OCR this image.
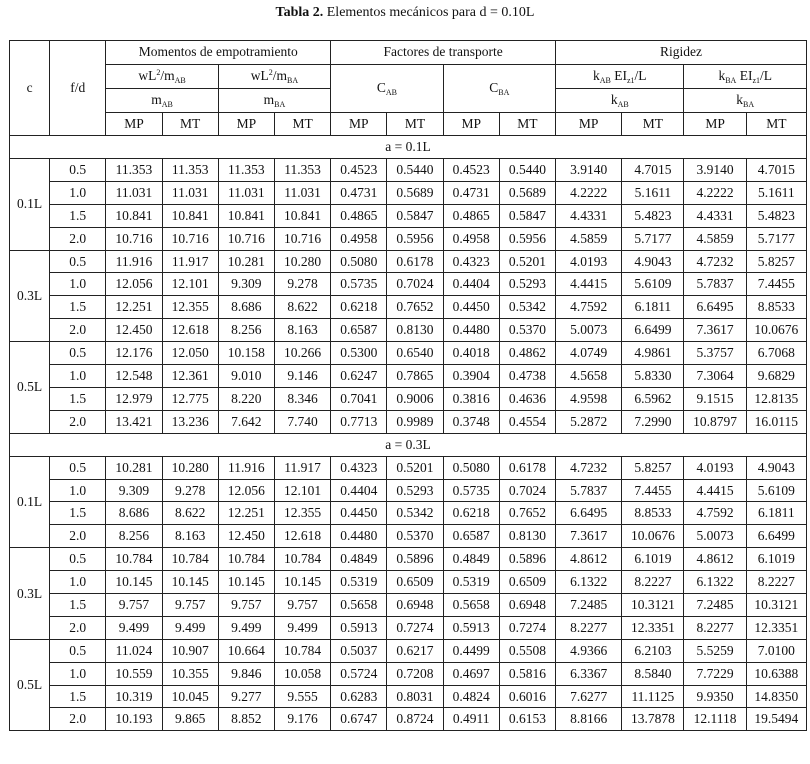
Tabla 2. Elementos mecánicos para d = 0.10L
c	f/d	Momentos de empotramiento				Factores de transporte				Rigidez			
		$wL^2/m_{AB}$		$wL^2/m_{BA}$		$C_{AB}$		$C_{BA}$		$k_{AB}$ $EI_{z1}/L$		$k_{BA}$ $EI_{z1}/L$	
		$m_{AB}$		$m_{BA}$						$k_{AB}$		$k_{BA}$
		MP	MT	MP	MT	MP	MT	MP	MT	MP	MT	MP	MT
a = 0.1L													
0.1L	0.5	11.353	11.353	11.353	11.353	0.4523	0.5440	0.4523	0.5440	3.9140	4.7015	3.9140	4.7015
	1.0	11.031	11.031	11.031	11.031	0.4731	0.5689	0.4731	0.5689	4.2222	5.1611	4.2222	5.1611
	1.5	10.841	10.841	10.841	10.841	0.4865	0.5847	0.4865	0.5847	4.4331	5.4823	4.4331	5.4823
	2.0	10.716	10.716	10.716	10.716	0.4958	0.5956	0.4958	0.5956	4.5859	5.7177	4.5859	5.7177
0.3L	0.5	11.916	11.917	10.281	10.280	0.5080	0.6178	0.4323	0.5201	4.0193	4.9043	4.7232	5.8257
	1.0	12.056	12.101	9.309	9.278	0.5735	0.7024	0.4404	0.5293	4.4415	5.6109	5.7837	7.4455
	1.5	12.251	12.355	8.686	8.622	0.6218	0.7652	0.4450	0.5342	4.7592	6.1811	6.6495	8.8533
	2.0	12.450	12.618	8.256	8.163	0.6587	0.8130	0.4480	0.5370	5.0073	6.6499	7.3617	10.0676
0.5L	0.5	12.176	12.050	10.158	10.266	0.5300	0.6540	0.4018	0.4862	4.0749	4.9861	5.3757	6.7068
	1.0	12.548	12.361	9.010	9.146	0.6247	0.7865	0.3904	0.4738	4.5658	5.8330	7.3064	9.6829
	1.5	12.979	12.775	8.220	8.346	0.7041	0.9006	0.3816	0.4636	4.9598	6.5962	9.1515	12.8135
	2.0	13.421	13.236	7.642	7.740	0.7713	0.9989	0.3748	0.4554	5.2872	7.2990	10.8797	16.0115
a = 0.3L													
0.1L	0.5	10.281	10.280	11.916	11.917	0.4323	0.5201	0.5080	0.6178	4.7232	5.8257	4.0193	4.9043
	1.0	9.309	9.278	12.056	12.101	0.4404	0.5293	0.5735	0.7024	5.7837	7.4455	4.4415	5.6109
	1.5	8.686	8.622	12.251	12.355	0.4450	0.5342	0.6218	0.7652	6.6495	8.8533	4.7592	6.1811
	2.0	8.256	8.163	12.450	12.618	0.4480	0.5370	0.6587	0.8130	7.3617	10.0676	5.0073	6.6499
0.3L	0.5	10.784	10.784	10.784	10.784	0.4849	0.5896	0.4849	0.5896	4.8612	6.1019	4.8612	6.1019
	1.0	10.145	10.145	10.145	10.145	0.5319	0.6509	0.5319	0.6509	6.1322	8.2227	6.1322	8.2227
	1.5	9.757	9.757	9.757	9.757	0.5658	0.6948	0.5658	0.6948	7.2485	10.3121	7.2485	10.3121
	2.0	9.499	9.499	9.499	9.499	0.5913	0.7274	0.5913	0.7274	8.2277	12.3351	8.2277	12.3351
0.5L	0.5	11.024	10.907	10.664	10.784	0.5037	0.6217	0.4499	0.5508	4.9366	6.2103	5.5259	7.0100
	1.0	10.559	10.355	9.846	10.058	0.5724	0.7208	0.4697	0.5816	6.3367	8.5840	7.7229	10.6388
	1.5	10.319	10.045	9.277	9.555	0.6283	0.8031	0.4824	0.6016	7.6277	11.1125	9.9350	14.8350
	2.0	10.193	9.865	8.852	9.176	0.6747	0.8724	0.4911	0.6153	8.8166	13.7878	12.1118	19.5494
